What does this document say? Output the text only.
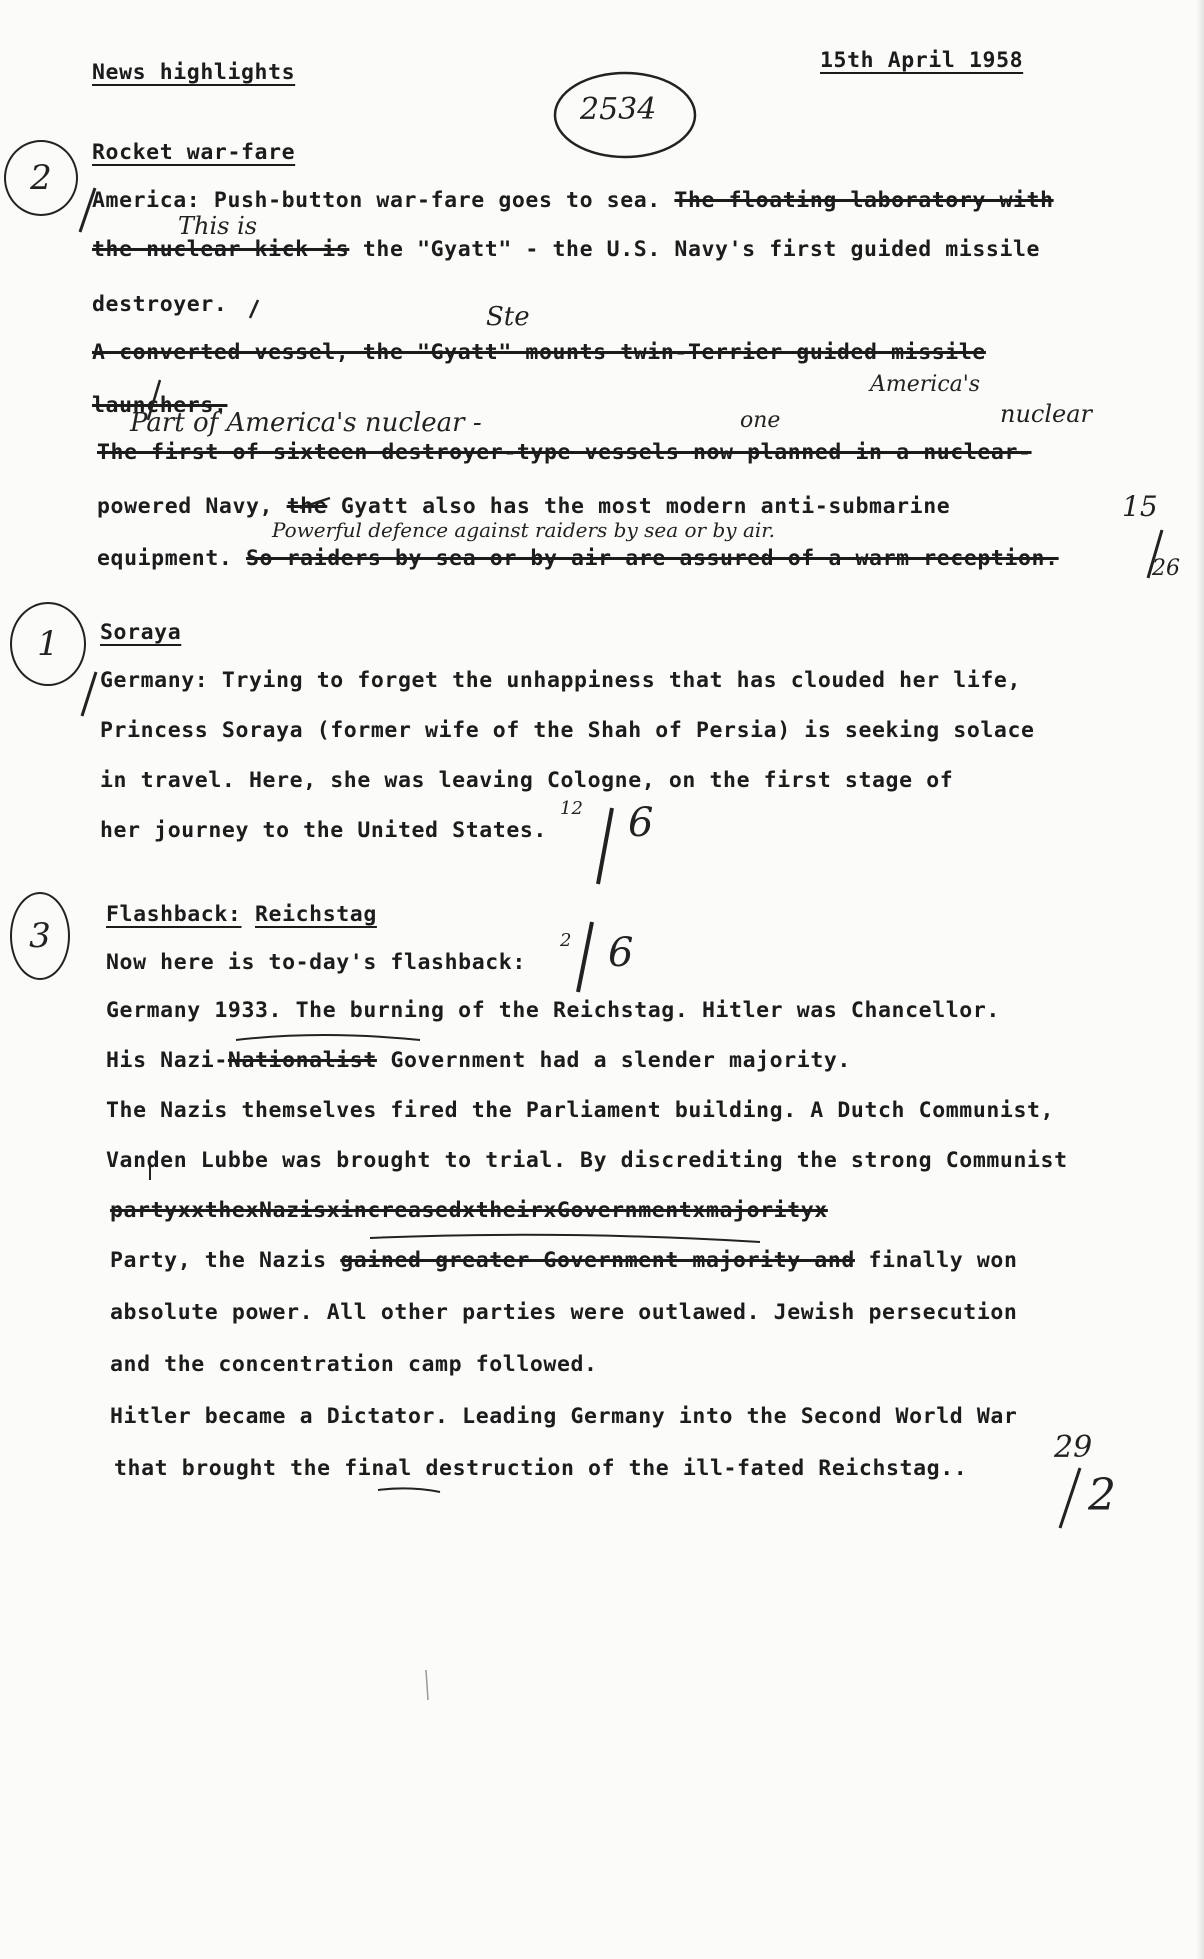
News highlights	15th April 1958
2534
2
Rocket war-fare
America: Push-button war-fare goes to sea. The floating laboratory with
This is
the nuclear kick is the "Gyatt" - the U.S. Navy's first guided missile
destroyer.	Ste
A converted vessel, the "Gyatt" mounts twin-Terrier guided missile
launchers.
Part of America's nuclear -
America's
nuclear
one
The first of sixteen destroyer-type vessels now planned in a nuclear-
powered Navy, the Gyatt also has the most modern anti-submarine
Powerful defence against raiders by sea or by air.
equipment. So raiders by sea or by air are assured of a warm reception.
15
26
1	Soraya
Germany: Trying to forget the unhappiness that has clouded her life,
Princess Soraya (former wife of the Shah of Persia) is seeking solace
in travel. Here, she was leaving Cologne, on the first stage of
her journey to the United States.
12 6
3
Flashback: Reichstag
Now here is to-day's flashback:
2 6
Germany 1933. The burning of the Reichstag. Hitler was Chancellor.
His Nazi-Nationalist Government had a slender majority.
The Nazis themselves fired the Parliament building. A Dutch Communist,
Vanden Lubbe was brought to trial. By discrediting the strong Communist
partyxxthexNazisxincreasedxtheirxGovernmentxmajorityx
Party, the Nazis gained greater Government majority and finally won
absolute power. All other parties were outlawed. Jewish persecution
and the concentration camp followed.
Hitler became a Dictator. Leading Germany into the Second World War
that brought the final destruction of the ill-fated Reichstag..
29
2
